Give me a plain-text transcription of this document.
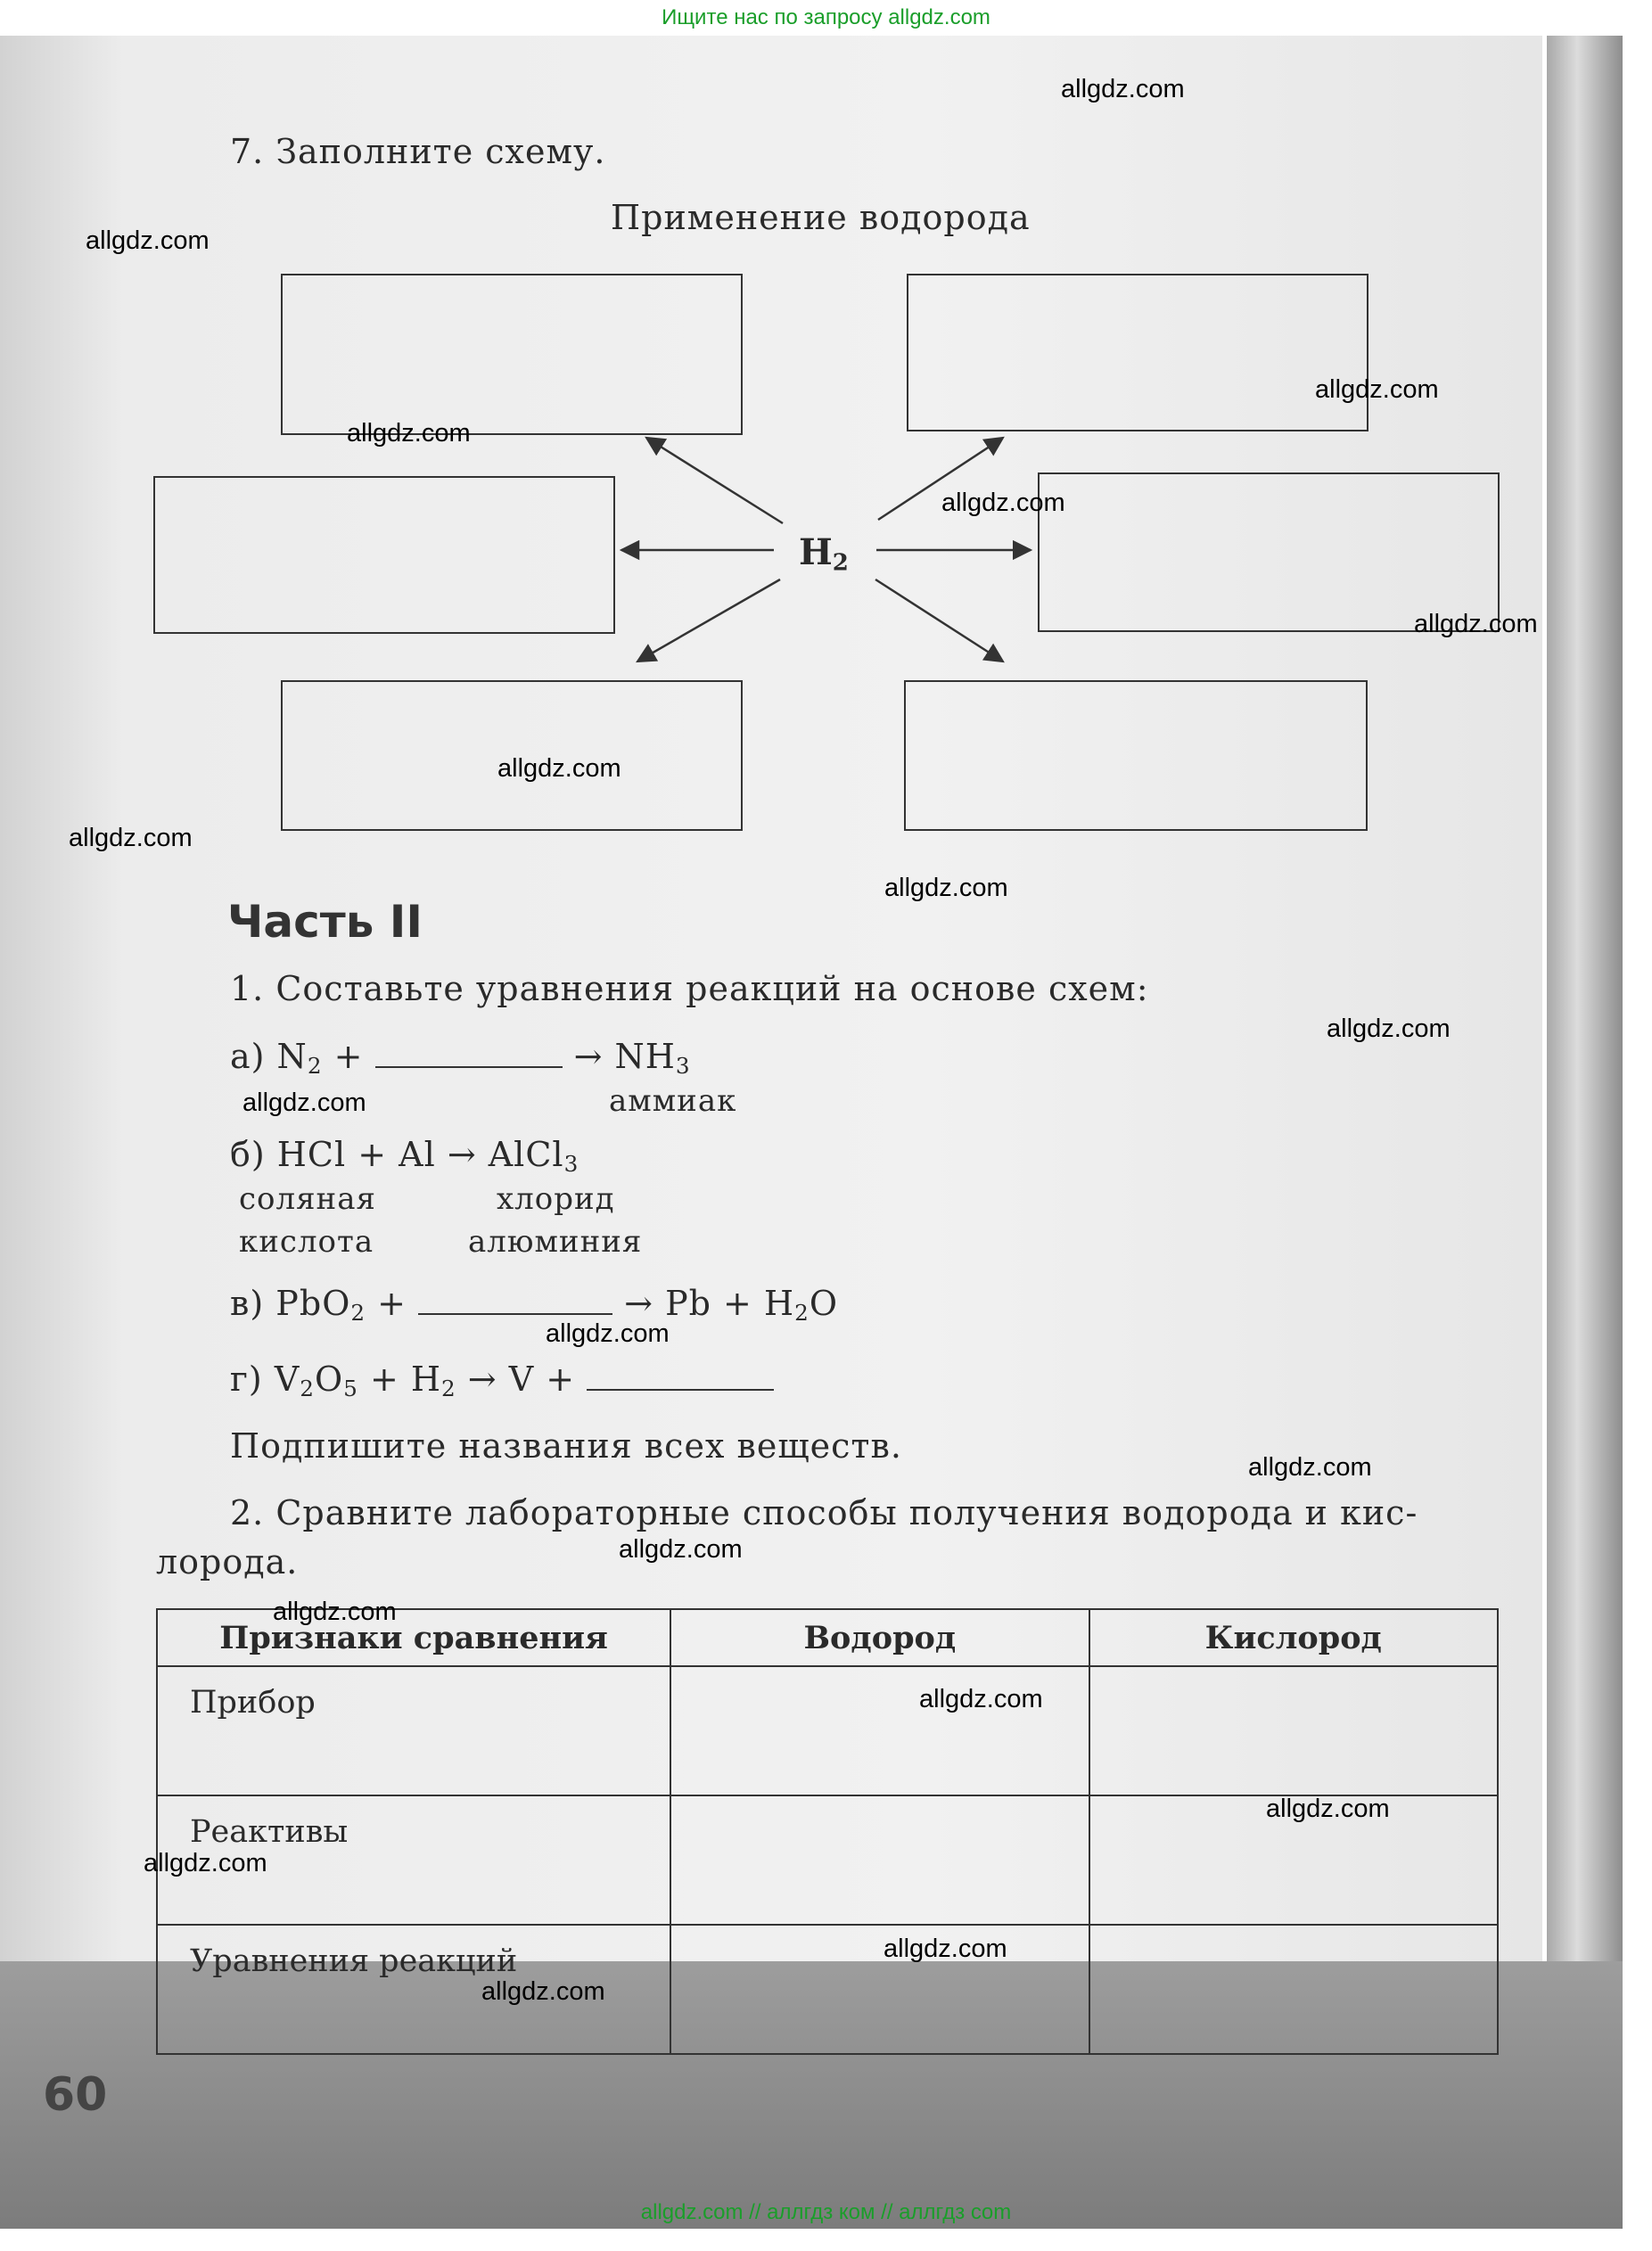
Ищите нас по запросу allgdz.com
7. Заполните схему.
Применение водорода
$H_2$
Часть II
1. Составьте уравнения реакций на основе схем:
а) $N_2$ +	→ $NH_3$
аммиак
б) HCl + Al → AlCl$_3$
соляная
кислота
хлорид
алюминия
в) PbO$_2$ +	→ $Pb + H_2O$
г) $V_2O_5 + H_2 \to V$ +
Подпишите названия всех веществ.
2. Сравните лабораторные способы получения водорода и кис-
лорода.
Признаки сравнения	Водород	Кислород
Прибор		
Реактивы		
Уравнения реакций		
60
allgdz.com
allgdz.com
allgdz.com
allgdz.com
allgdz.com
allgdz.com
allgdz.com
allgdz.com
allgdz.com
allgdz.com
allgdz.com
allgdz.com
allgdz.com
allgdz.com
allgdz.com
allgdz.com
allgdz.com
allgdz.com
allgdz.com
allgdz.com
allgdz.com // аллгдз ком // аллгдз com
